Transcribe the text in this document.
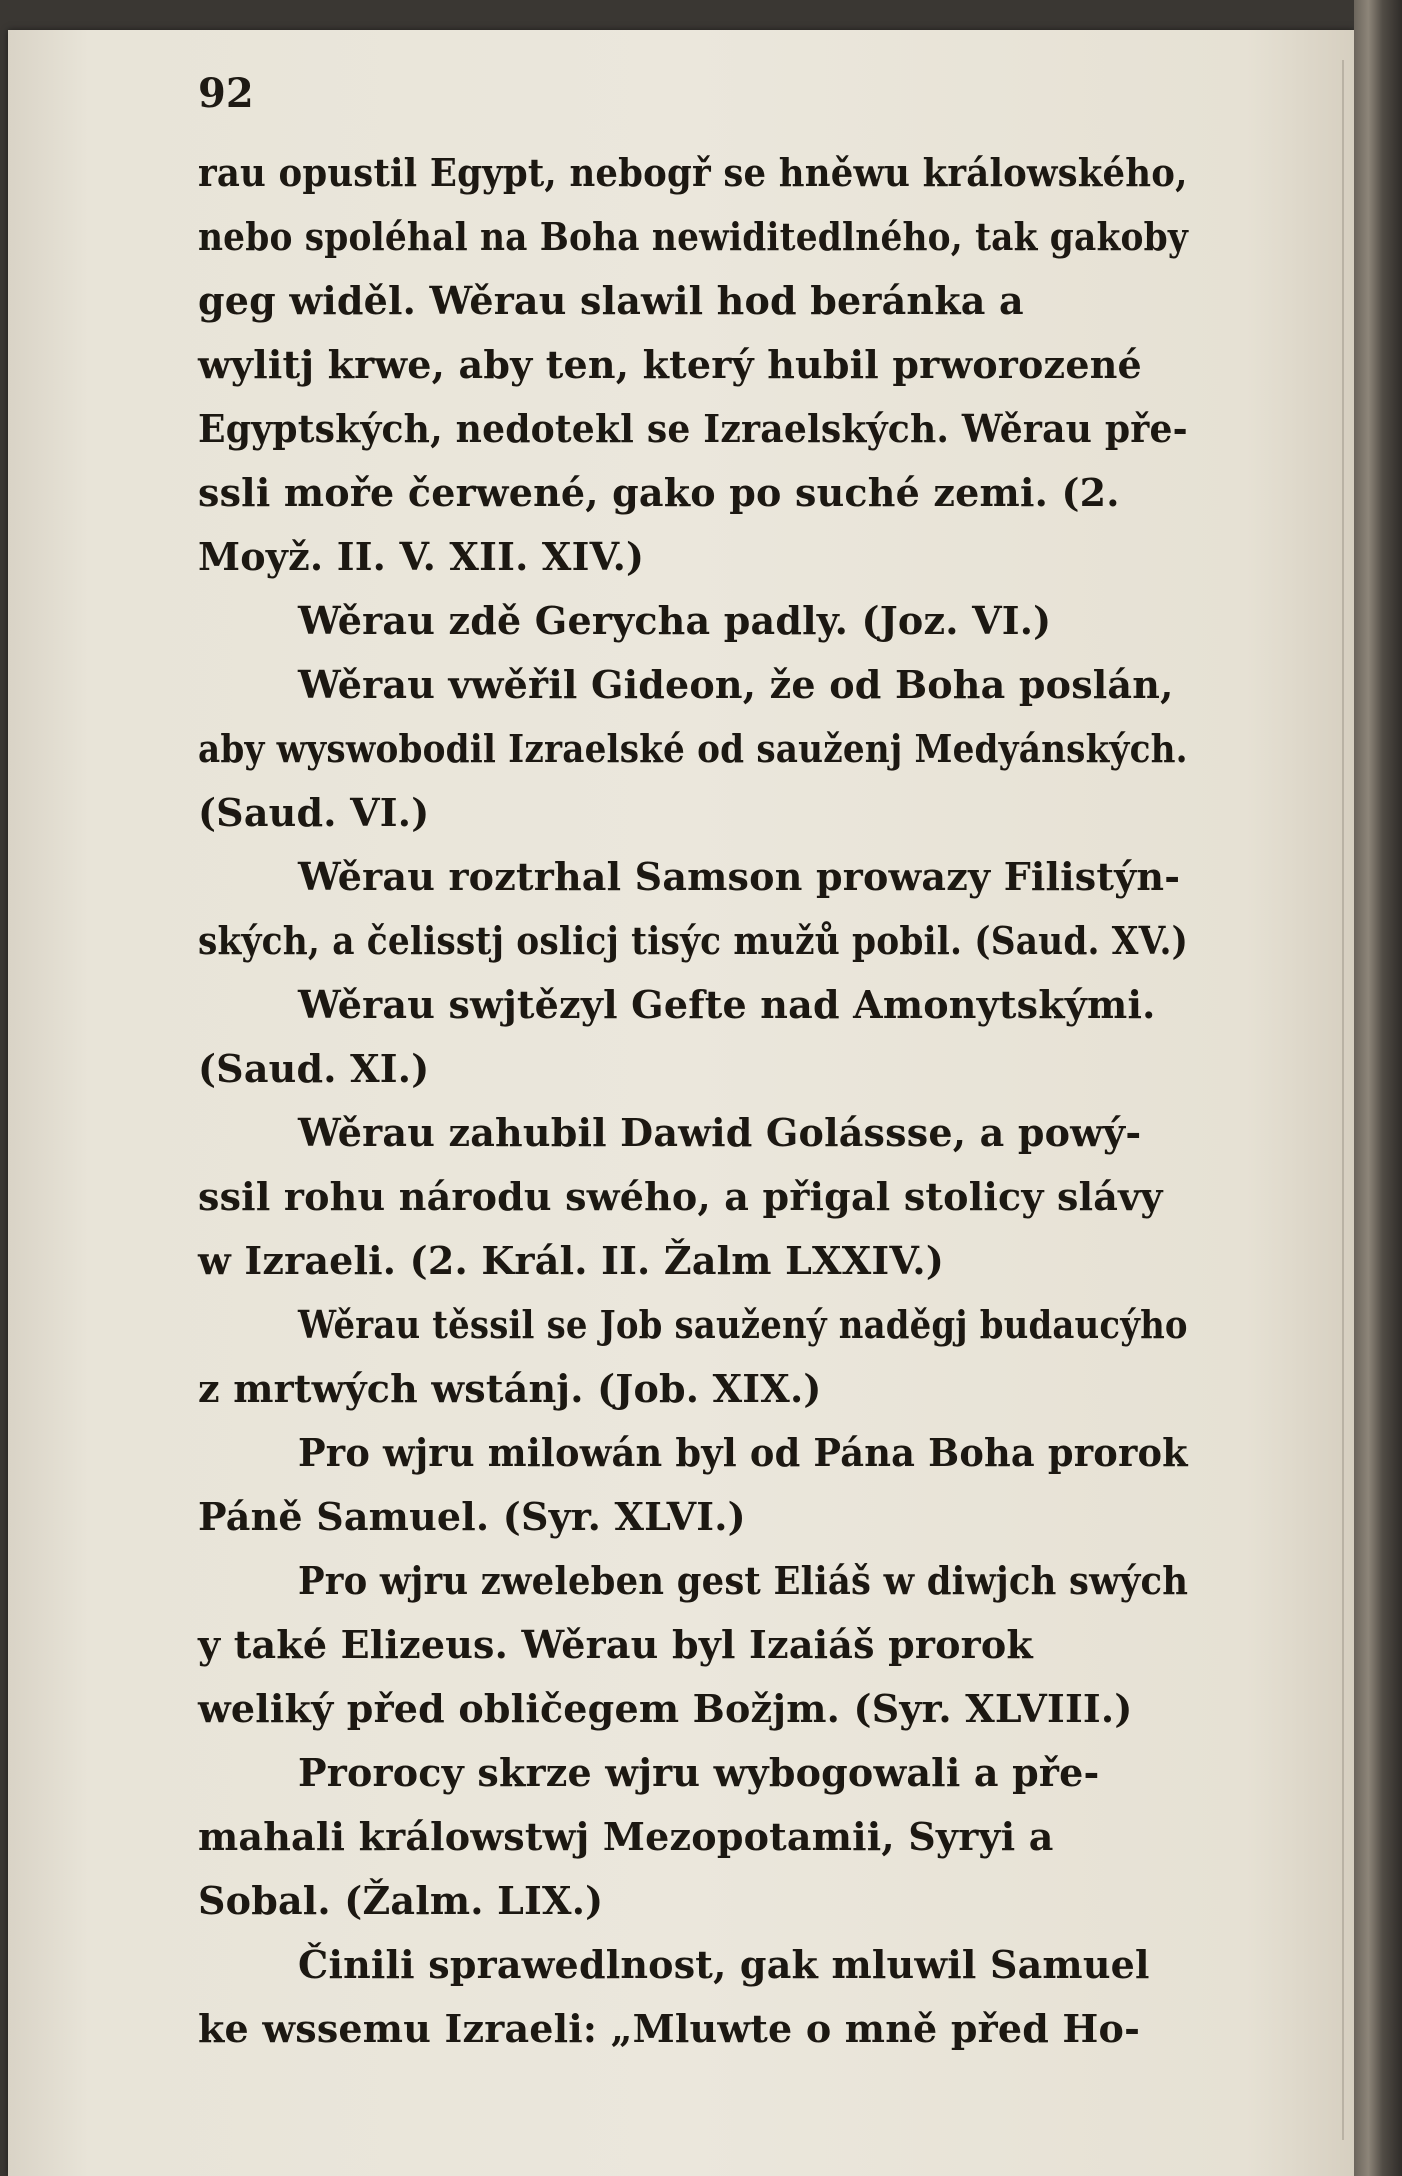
92
rau opustil Egypt, nebogř se hněwu králowského,
nebo spoléhal na Boha newiditedlného, tak gakoby
geg widěl. Wěrau slawil hod beránka a
wylitj krwe, aby ten, který hubil prworozené
Egyptských, nedotekl se Izraelských. Wěrau pře-
ssli moře čerwené, gako po suché zemi. (2.
Moyž. II. V. XII. XIV.)
Wěrau zdě Gerycha padly. (Joz. VI.)
Wěrau vwěřil Gideon, že od Boha poslán,
aby wyswobodil Izraelské od sauženj Medyánských.
(Saud. VI.)
Wěrau roztrhal Samson prowazy Filistýn-
ských, a čelisstj oslicj tisýc mužů pobil. (Saud. XV.)
Wěrau swjtězyl Gefte nad Amonytskými.
(Saud. XI.)
Wěrau zahubil Dawid Golássse, a powý-
ssil rohu národu swého, a přigal stolicy slávy
w Izraeli. (2. Král. II. Žalm LXXIV.)
Wěrau těssil se Job saužený naděgj budaucýho
z mrtwých wstánj. (Job. XIX.)
Pro wjru milowán byl od Pána Boha prorok
Páně Samuel. (Syr. XLVI.)
Pro wjru zweleben gest Eliáš w diwjch swých
y také Elizeus. Wěrau byl Izaiáš prorok
weliký před obličegem Božjm. (Syr. XLVIII.)
Prorocy skrze wjru wybogowali a pře-
mahali králowstwj Mezopotamii, Syryi a
Sobal. (Žalm. LIX.)
Činili sprawedlnost, gak mluwil Samuel
ke wssemu Izraeli: „Mluwte o mně před Ho-
